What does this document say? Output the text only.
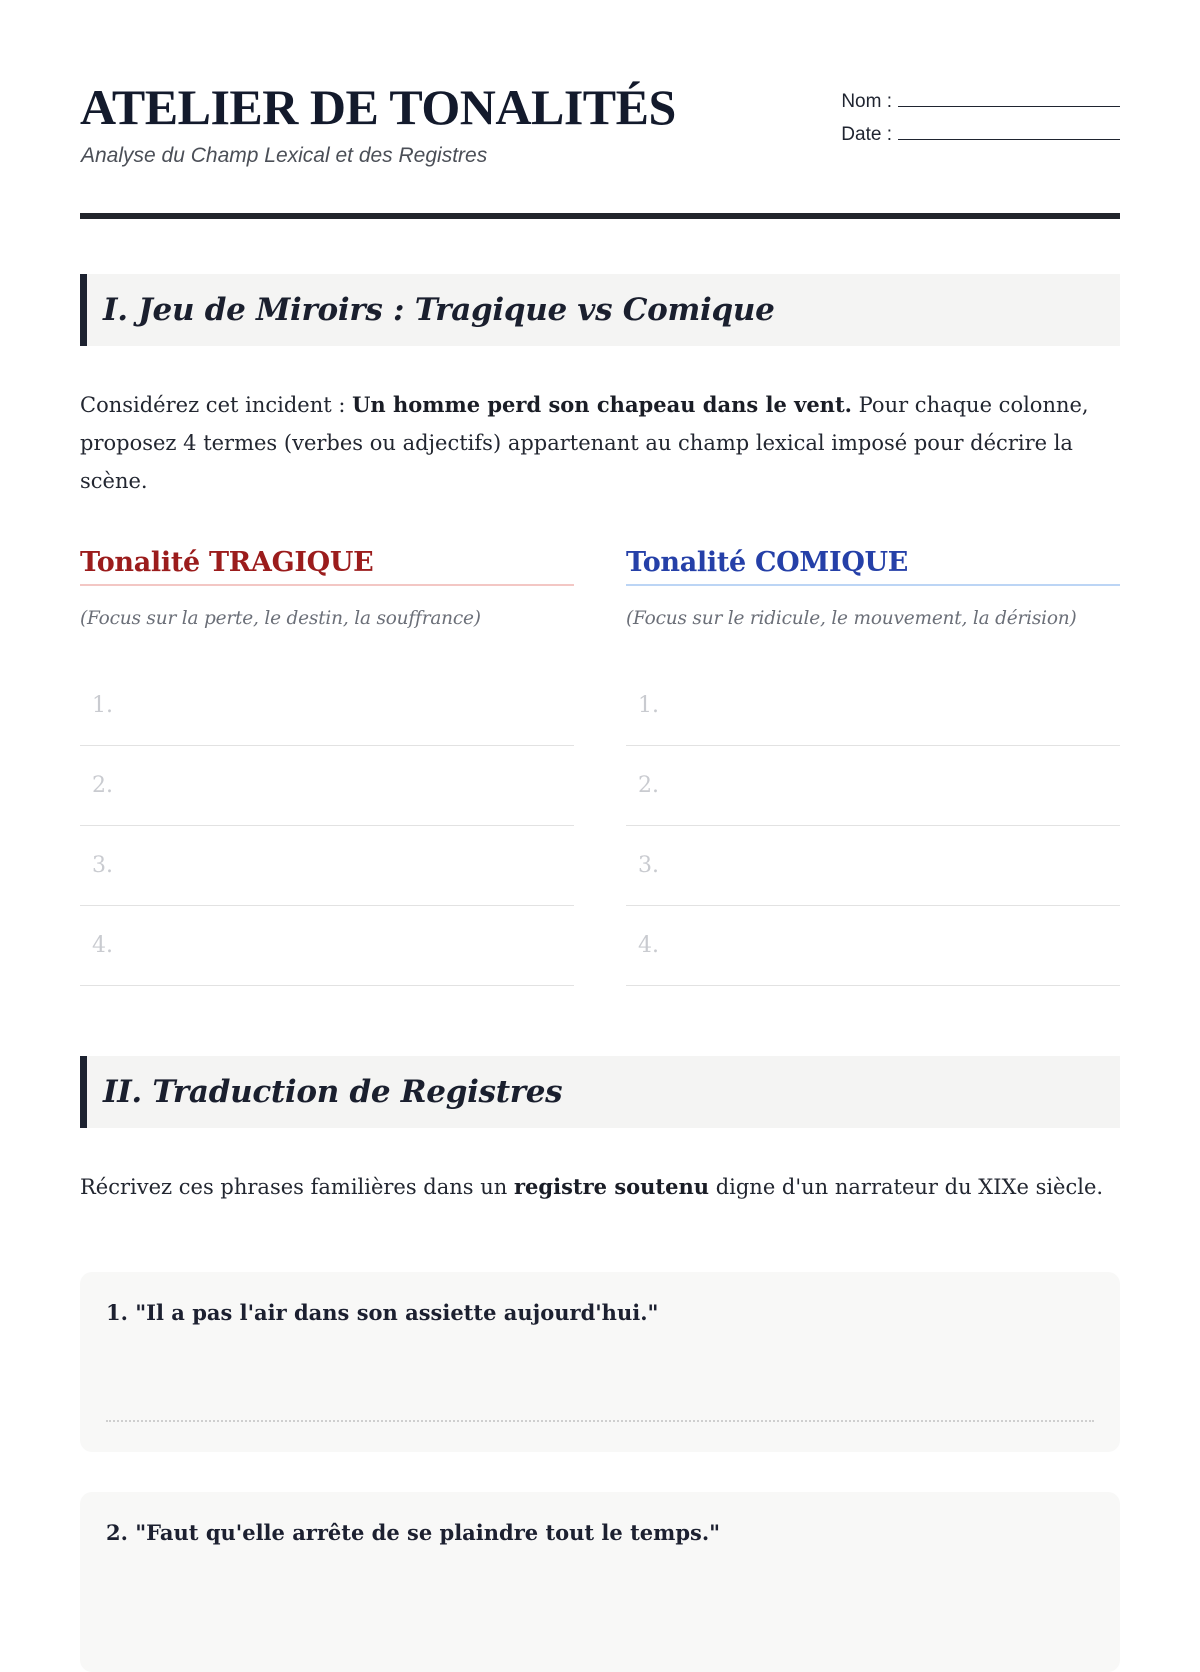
ATELIER DE TONALITÉS
Analyse du Champ Lexical et des Registres
Nom :
Date :
I. Jeu de Miroirs : Tragique vs Comique

Considérez cet incident : Un homme perd son chapeau dans le vent. Pour chaque colonne, proposez 4 termes (verbes ou adjectifs) appartenant au champ lexical imposé pour décrire la scène.

Tonalité TRAGIQUE
(Focus sur la perte, le destin, la souffrance)
1.
2.
3.
4.
Tonalité COMIQUE
(Focus sur le ridicule, le mouvement, la dérision)
1.
2.
3.
4.
II. Traduction de Registres

Récrivez ces phrases familières dans un registre soutenu digne d'un narrateur du XIXe siècle.

1. "Il a pas l'air dans son assiette aujourd'hui."

2. "Faut qu'elle arrête de se plaindre tout le temps."
